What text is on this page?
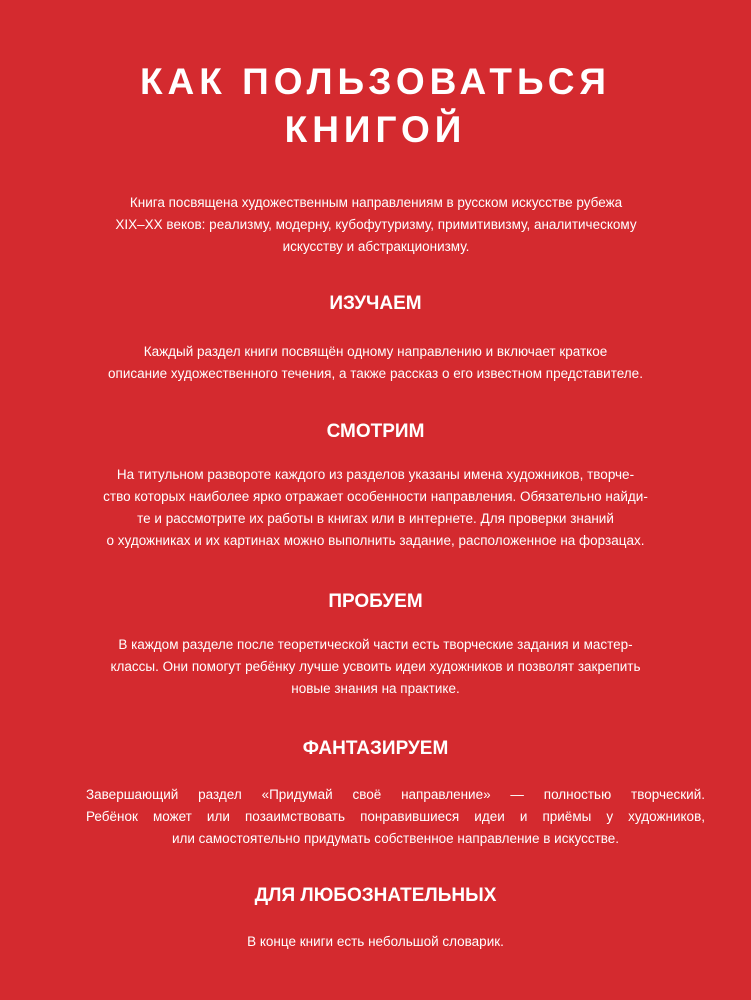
КАК ПОЛЬЗОВАТЬСЯ
КНИГОЙ

Книга посвящена художественным направлениям в русском искусстве рубежа
XIX–XX веков: реализму, модерну, кубофутуризму, примитивизму, аналитическому
искусству и абстракционизму.

ИЗУЧАЕМ

Каждый раздел книги посвящён одному направлению и включает краткое
описание художественного течения, а также рассказ о его известном представителе.

СМОТРИМ

На титульном развороте каждого из разделов указаны имена художников, творче-
ство которых наиболее ярко отражает особенности направления. Обязательно найди-
те и рассмотрите их работы в книгах или в интернете. Для проверки знаний
о художниках и их картинах можно выполнить задание, расположенное на форзацах.

ПРОБУЕМ

В каждом разделе после теоретической части есть творческие задания и мастер-
классы. Они помогут ребёнку лучше усвоить идеи художников и позволят закрепить
новые знания на практике.

ФАНТАЗИРУЕМ

Завершающий раздел «Придумай своё направление» — полностью творческий.
Ребёнок может или позаимствовать понравившиеся идеи и приёмы у художников,
или самостоятельно придумать собственное направление в искусстве.

ДЛЯ ЛЮБОЗНАТЕЛЬНЫХ

В конце книги есть небольшой словарик.
